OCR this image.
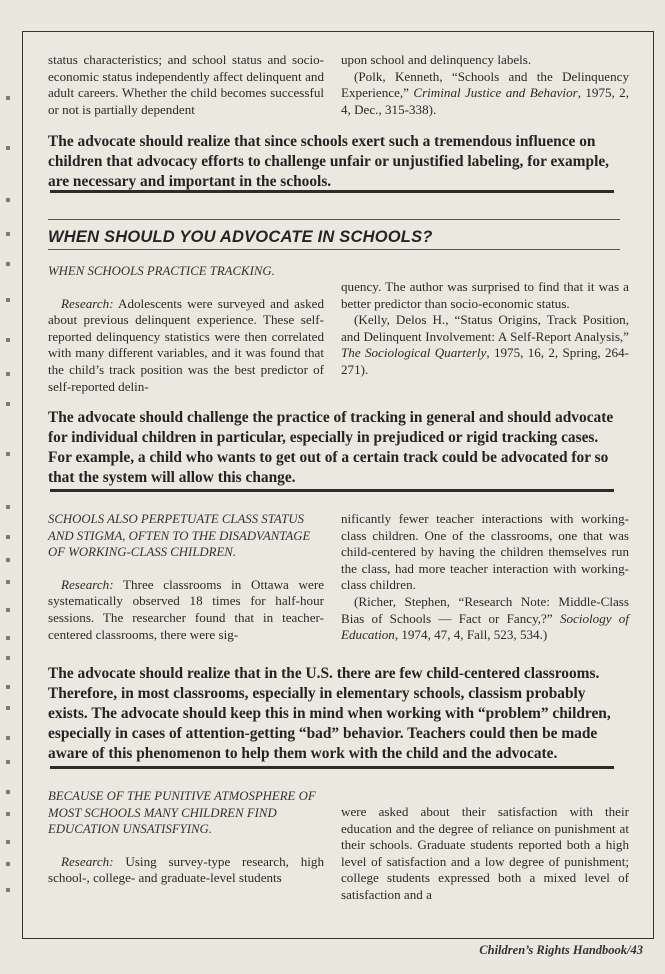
status characteristics; and school status and socio-economic status independently affect delinquent and adult careers. Whether the child becomes successful or not is partially dependent

upon school and delinquency labels.

(Polk, Kenneth, “Schools and the Delinquency Experience,” Criminal Justice and Behavior, 1975, 2, 4, Dec., 315-338).

The advocate should realize that since schools exert such a tremendous influence on children that advocacy efforts to challenge unfair or unjustified labeling, for example, are necessary and important in the schools.
WHEN SHOULD YOU ADVOCATE IN SCHOOLS?

WHEN SCHOOLS PRACTICE TRACKING.

Research: Adolescents were surveyed and asked about previous delinquent experience. These self-reported delinquency statistics were then correlated with many different variables, and it was found that the child’s track position was the best predictor of self-reported delin-

quency. The author was surprised to find that it was a better predictor than socio-economic status.

(Kelly, Delos H., “Status Origins, Track Position, and Delinquent Involvement: A Self-Report Analysis,” The Sociological Quarterly, 1975, 16, 2, Spring, 264-271).

The advocate should challenge the practice of tracking in general and should advocate for individual children in particular, especially in prejudiced or rigid tracking cases. For example, a child who wants to get out of a certain track could be advocated for so that the system will allow this change.

SCHOOLS ALSO PERPETUATE CLASS STATUS AND STIGMA, OFTEN TO THE DISADVANTAGE OF WORKING-CLASS CHILDREN.

Research: Three classrooms in Ottawa were systematically observed 18 times for half-hour sessions. The researcher found that in teacher-centered classrooms, there were sig-

nificantly fewer teacher interactions with working-class children. One of the classrooms, one that was child-centered by having the children themselves run the class, had more teacher interaction with working-class children.

(Richer, Stephen, “Research Note: Middle-Class Bias of Schools — Fact or Fancy,?” Sociology of Education, 1974, 47, 4, Fall, 523, 534.)

The advocate should realize that in the U.S. there are few child-centered classrooms. Therefore, in most classrooms, especially in elementary schools, classism probably exists. The advocate should keep this in mind when working with “problem” children, especially in cases of attention-getting “bad” behavior. Teachers could then be made aware of this phenomenon to help them work with the child and the advocate.

BECAUSE OF THE PUNITIVE ATMOSPHERE OF MOST SCHOOLS MANY CHILDREN FIND EDUCATION UNSATISFYING.

Research: Using survey-type research, high school-, college- and graduate-level students

were asked about their satisfaction with their education and the degree of reliance on punishment at their schools. Graduate students reported both a high level of satisfaction and a low degree of punishment; college students expressed both a mixed level of satisfaction and a
Children’s Rights Handbook/43
